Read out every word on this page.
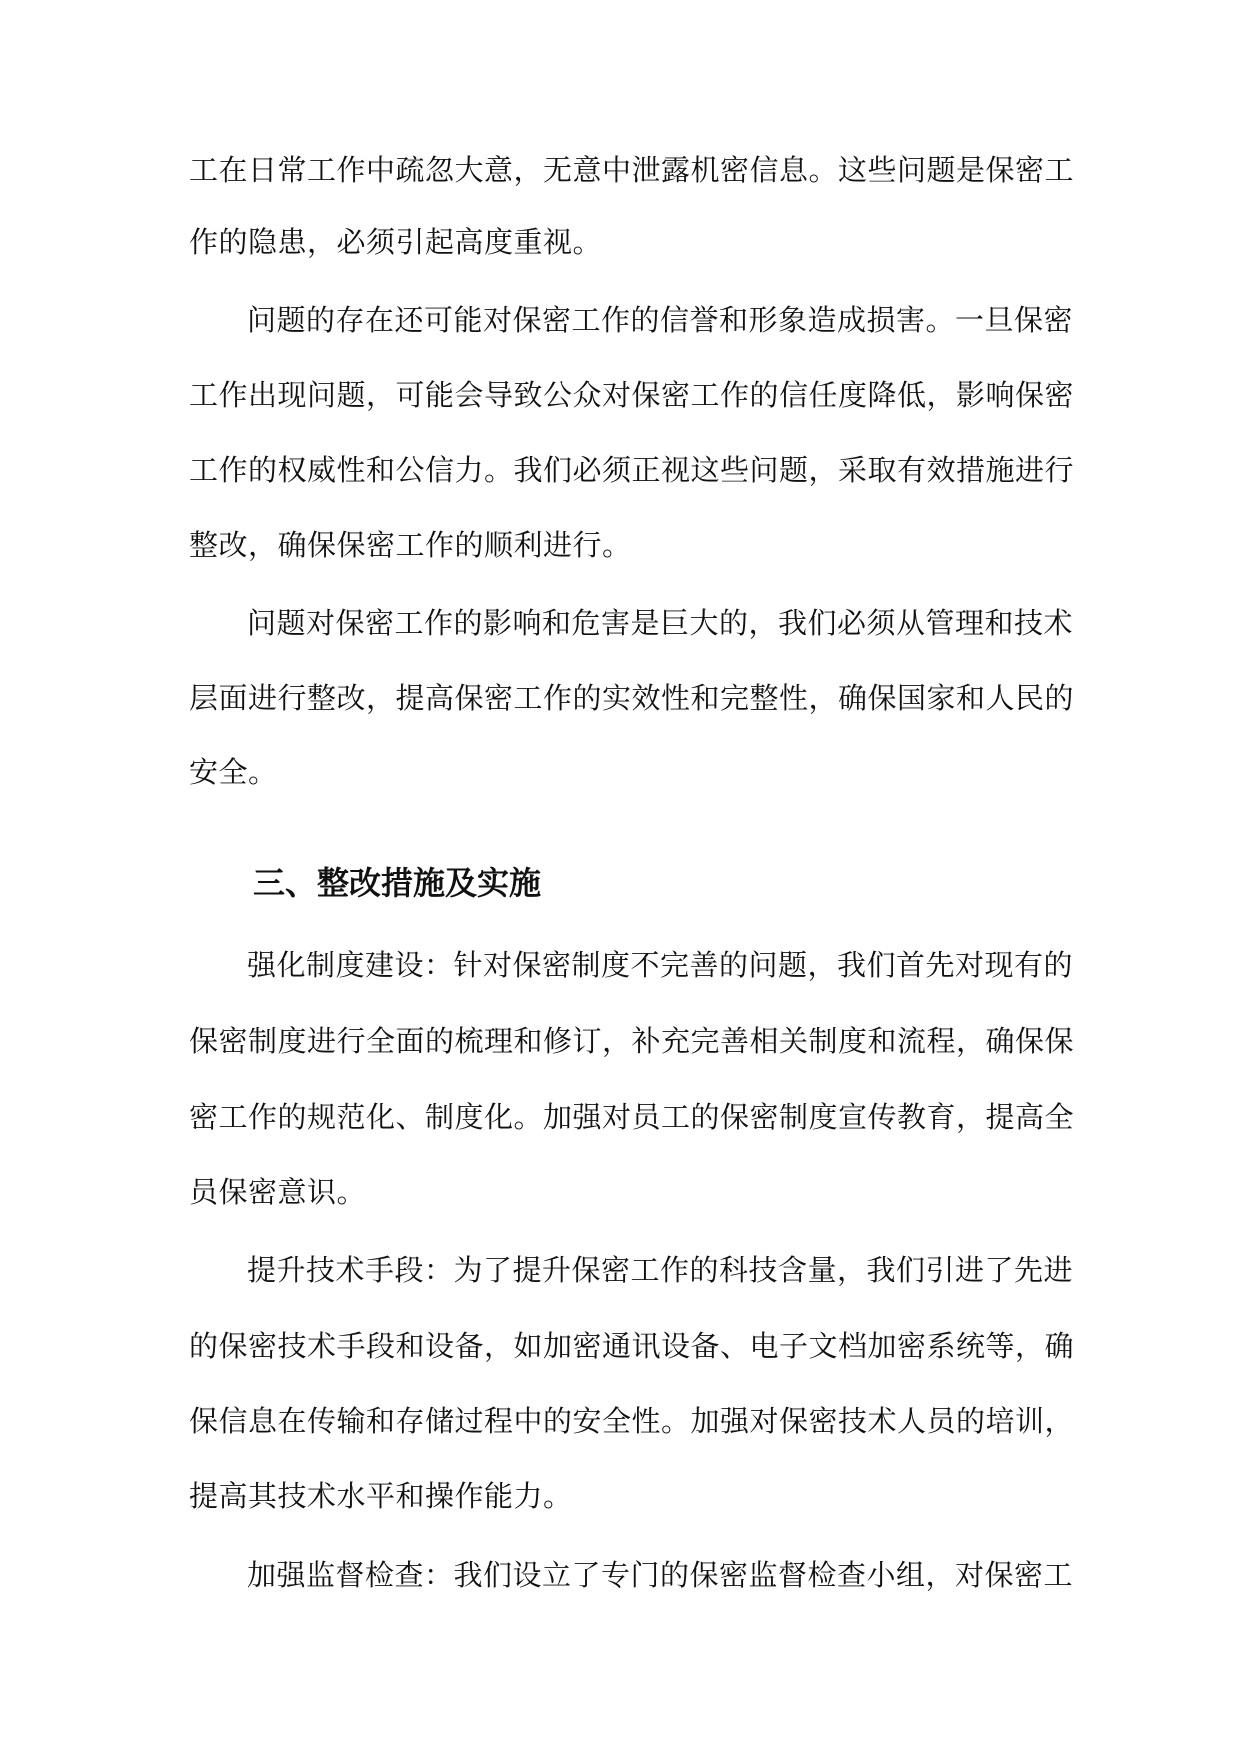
工在日常工作中疏忽大意，无意中泄露机密信息。这些问题是保密工
作的隐患，必须引起高度重视。
问题的存在还可能对保密工作的信誉和形象造成损害。一旦保密
工作出现问题，可能会导致公众对保密工作的信任度降低，影响保密
工作的权威性和公信力。我们必须正视这些问题，采取有效措施进行
整改，确保保密工作的顺利进行。
问题对保密工作的影响和危害是巨大的，我们必须从管理和技术
层面进行整改，提高保密工作的实效性和完整性，确保国家和人民的
安全。
三、整改措施及实施
强化制度建设：针对保密制度不完善的问题，我们首先对现有的
保密制度进行全面的梳理和修订，补充完善相关制度和流程，确保保
密工作的规范化、制度化。加强对员工的保密制度宣传教育，提高全
员保密意识。
提升技术手段：为了提升保密工作的科技含量，我们引进了先进
的保密技术手段和设备，如加密通讯设备、电子文档加密系统等，确
保信息在传输和存储过程中的安全性。加强对保密技术人员的培训，
提高其技术水平和操作能力。
加强监督检查：我们设立了专门的保密监督检查小组，对保密工
